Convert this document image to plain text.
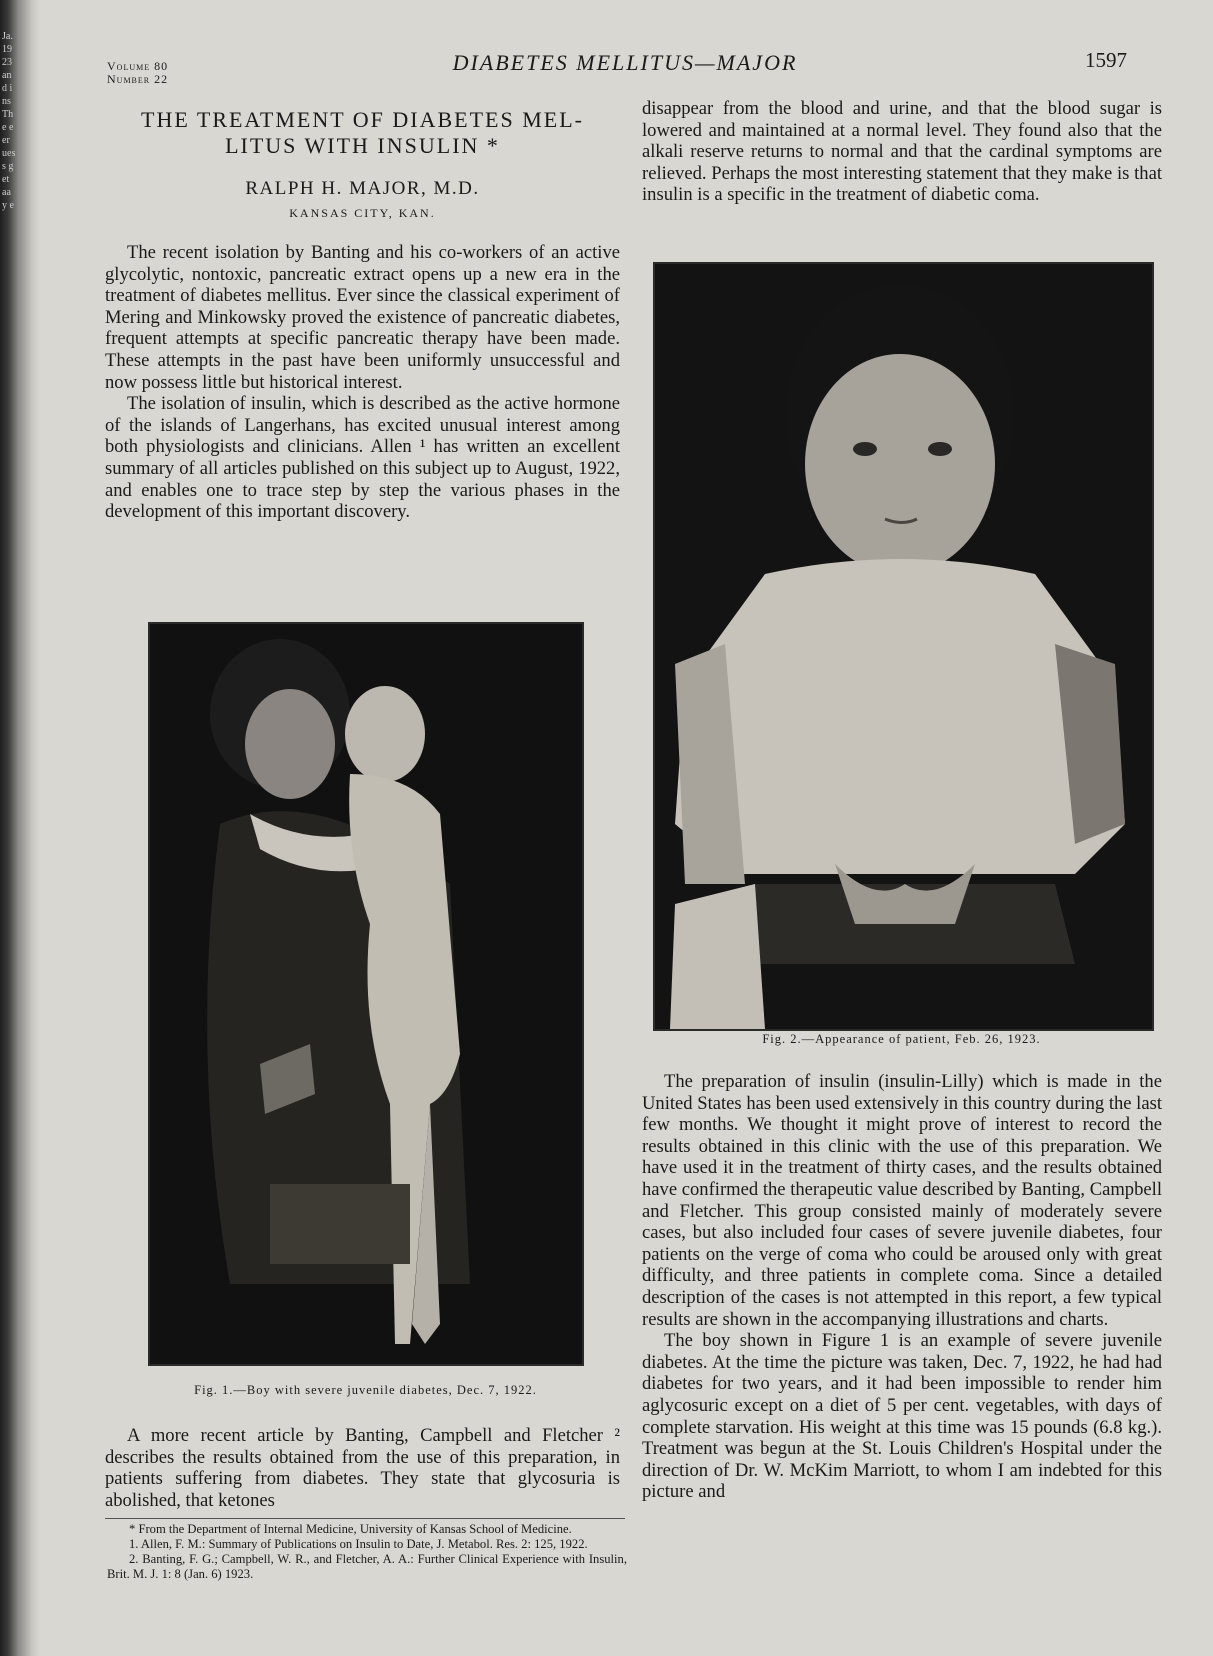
Ja. 1923 and ins The eer ues s get aa y e
Volume 80
Number 22
DIABETES MELLITUS—MAJOR	1597
THE TREATMENT OF DIABETES MEL-
LITUS WITH INSULIN *
RALPH H. MAJOR, M.D.
KANSAS CITY, KAN.

The recent isolation by Banting and his co-workers of an active glycolytic, nontoxic, pancreatic extract opens up a new era in the treatment of diabetes mellitus. Ever since the classical experiment of Mering and Minkowsky proved the existence of pancreatic diabetes, frequent attempts at specific pancreatic therapy have been made. These attempts in the past have been uniformly unsuccessful and now possess little but historical interest.

The isolation of insulin, which is described as the active hormone of the islands of Langerhans, has excited unusual interest among both physiologists and clinicians. Allen ¹ has written an excellent summary of all articles published on this subject up to August, 1922, and enables one to trace step by step the various phases in the development of this important discovery.

Fig. 1.—Boy with severe juvenile diabetes, Dec. 7, 1922.

A more recent article by Banting, Campbell and Fletcher ² describes the results obtained from the use of this preparation, in patients suffering from diabetes. They state that glycosuria is abolished, that ketones

* From the Department of Internal Medicine, University of Kansas School of Medicine.
1. Allen, F. M.: Summary of Publications on Insulin to Date, J. Metabol. Res. 2: 125, 1922.
2. Banting, F. G.; Campbell, W. R., and Fletcher, A. A.: Further Clinical Experience with Insulin, Brit. M. J. 1: 8 (Jan. 6) 1923.

disappear from the blood and urine, and that the blood sugar is lowered and maintained at a normal level. They found also that the alkali reserve returns to normal and that the cardinal symptoms are relieved. Perhaps the most interesting statement that they make is that insulin is a specific in the treatment of diabetic coma.

Fig. 2.—Appearance of patient, Feb. 26, 1923.

The preparation of insulin (insulin-Lilly) which is made in the United States has been used extensively in this country during the last few months. We thought it might prove of interest to record the results obtained in this clinic with the use of this preparation. We have used it in the treatment of thirty cases, and the results obtained have confirmed the therapeutic value described by Banting, Campbell and Fletcher. This group consisted mainly of moderately severe cases, but also included four cases of severe juvenile diabetes, four patients on the verge of coma who could be aroused only with great difficulty, and three patients in complete coma. Since a detailed description of the cases is not attempted in this report, a few typical results are shown in the accompanying illustrations and charts.

The boy shown in Figure 1 is an example of severe juvenile diabetes. At the time the picture was taken, Dec. 7, 1922, he had had diabetes for two years, and it had been impossible to render him aglycosuric except on a diet of 5 per cent. vegetables, with days of complete starvation. His weight at this time was 15 pounds (6.8 kg.). Treatment was begun at the St. Louis Children's Hospital under the direction of Dr. W. McKim Marriott, to whom I am indebted for this picture and
